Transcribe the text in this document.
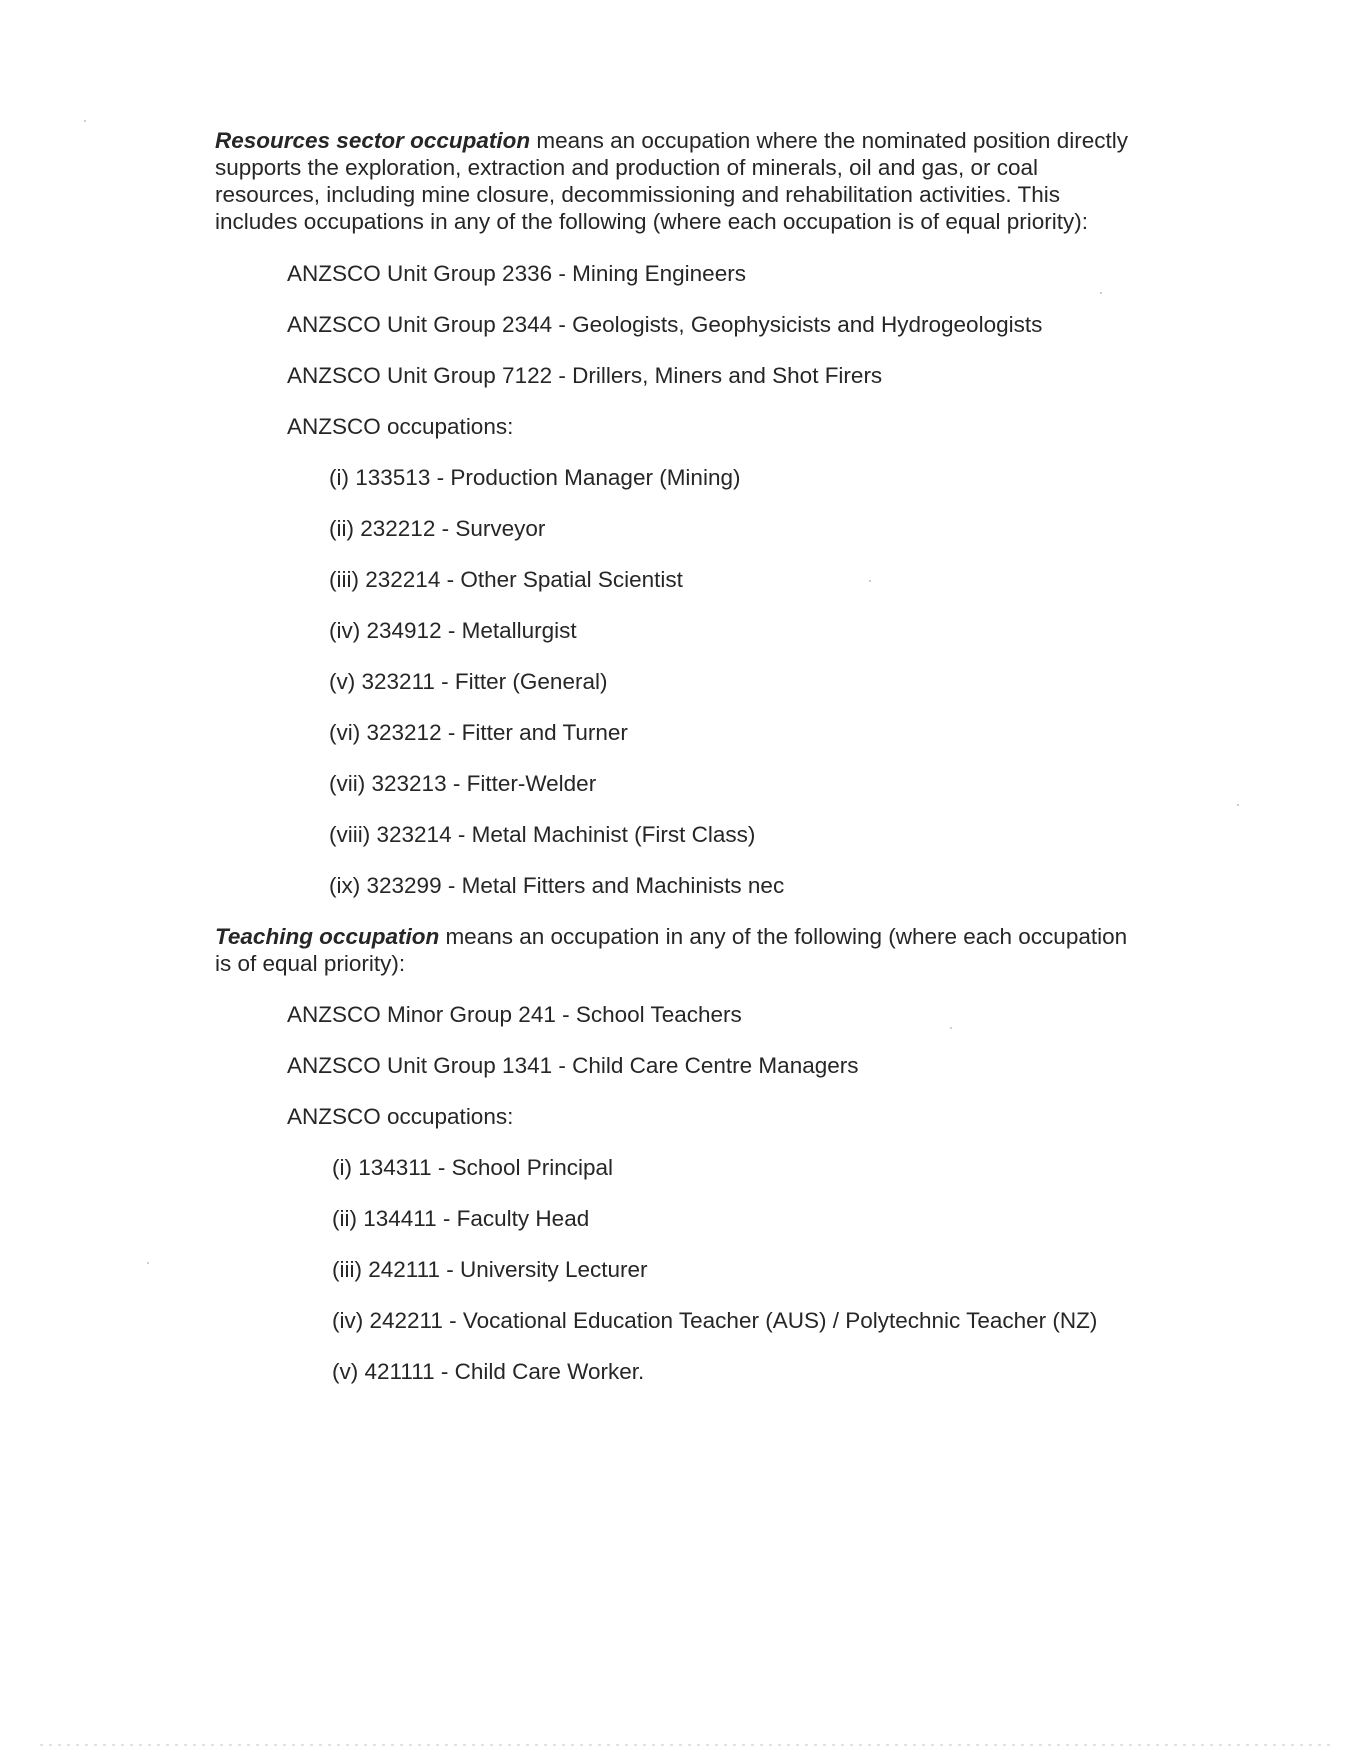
Resources sector occupation means an occupation where the nominated position directly supports the exploration, extraction and production of minerals, oil and gas, or coal resources, including mine closure, decommissioning and rehabilitation activities. This includes occupations in any of the following (where each occupation is of equal priority):
ANZSCO Unit Group 2336 - Mining Engineers
ANZSCO Unit Group 2344 - Geologists, Geophysicists and Hydrogeologists
ANZSCO Unit Group 7122 - Drillers, Miners and Shot Firers
ANZSCO occupations:
(i) 133513 - Production Manager (Mining)
(ii) 232212 - Surveyor
(iii) 232214 - Other Spatial Scientist
(iv) 234912 - Metallurgist
(v) 323211 - Fitter (General)
(vi) 323212 - Fitter and Turner
(vii) 323213 - Fitter-Welder
(viii) 323214 - Metal Machinist (First Class)
(ix) 323299 - Metal Fitters and Machinists nec
Teaching occupation means an occupation in any of the following (where each occupation is of equal priority):
ANZSCO Minor Group 241 - School Teachers
ANZSCO Unit Group 1341 - Child Care Centre Managers
ANZSCO occupations:
(i) 134311 - School Principal
(ii) 134411 - Faculty Head
(iii) 242111 - University Lecturer
(iv) 242211 - Vocational Education Teacher (AUS) / Polytechnic Teacher (NZ)
(v) 421111 - Child Care Worker.
